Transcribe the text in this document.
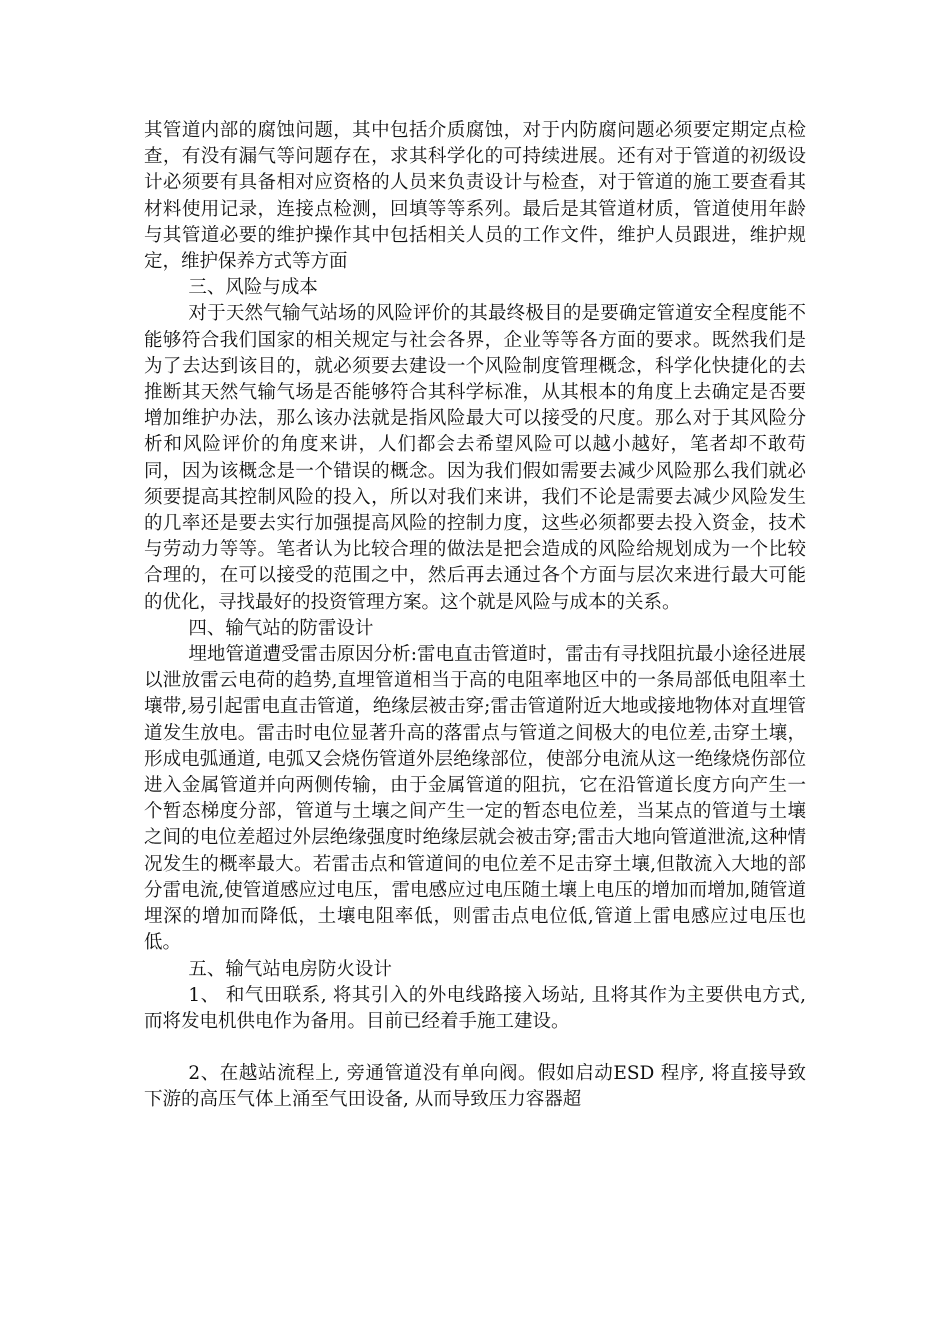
其管道内部的腐蚀问题，其中包括介质腐蚀，对于内防腐问题必须要定期定点检查，有没有漏气等问题存在，求其科学化的可持续进展。还有对于管道的初级设计必须要有具备相对应资格的人员来负责设计与检查，对于管道的施工要查看其材料使用记录，连接点检测，回填等等系列。最后是其管道材质，管道使用年龄与其管道必要的维护操作其中包括相关人员的工作文件，维护人员跟进，维护规定，维护保养方式等方面

三、风险与成本

对于天然气输气站场的风险评价的其最终极目的是要确定管道安全程度能不能够符合我们国家的相关规定与社会各界，企业等等各方面的要求。既然我们是为了去达到该目的，就必须要去建设一个风险制度管理概念，科学化快捷化的去推断其天然气输气场是否能够符合其科学标准，从其根本的角度上去确定是否要增加维护办法，那么该办法就是指风险最大可以接受的尺度。那么对于其风险分析和风险评价的角度来讲，人们都会去希望风险可以越小越好，笔者却不敢苟同，因为该概念是一个错误的概念。因为我们假如需要去减少风险那么我们就必须要提高其控制风险的投入，所以对我们来讲，我们不论是需要去减少风险发生的几率还是要去实行加强提高风险的控制力度，这些必须都要去投入资金，技术与劳动力等等。笔者认为比较合理的做法是把会造成的风险给规划成为一个比较合理的，在可以接受的范围之中，然后再去通过各个方面与层次来进行最大可能的优化，寻找最好的投资管理方案。这个就是风险与成本的关系。

四、输气站的防雷设计

埋地管道遭受雷击原因分析:雷电直击管道时，雷击有寻找阻抗最小途径进展以泄放雷云电荷的趋势,直埋管道相当于高的电阻率地区中的一条局部低电阻率土壤带,易引起雷电直击管道，绝缘层被击穿;雷击管道附近大地或接地物体对直埋管道发生放电。雷击时电位显著升高的落雷点与管道之间极大的电位差,击穿土壤，形成电弧通道, 电弧又会烧伤管道外层绝缘部位，使部分电流从这一绝缘烧伤部位进入金属管道并向两侧传输，由于金属管道的阻抗，它在沿管道长度方向产生一个暂态梯度分部，管道与土壤之间产生一定的暂态电位差，当某点的管道与土壤之间的电位差超过外层绝缘强度时绝缘层就会被击穿;雷击大地向管道泄流,这种情况发生的概率最大。若雷击点和管道间的电位差不足击穿土壤,但散流入大地的部分雷电流,使管道感应过电压，雷电感应过电压随土壤上电压的增加而增加,随管道埋深的增加而降低，土壤电阻率低，则雷击点电位低,管道上雷电感应过电压也低。

五、输气站电房防火设计

1、 和气田联系, 将其引入的外电线路接入场站, 且将其作为主要供电方式, 而将发电机供电作为备用。目前已经着手施工建设。

2、在越站流程上, 旁通管道没有单向阀。假如启动ESD 程序, 将直接导致下游的高压气体上涌至气田设备, 从而导致压力容器超
